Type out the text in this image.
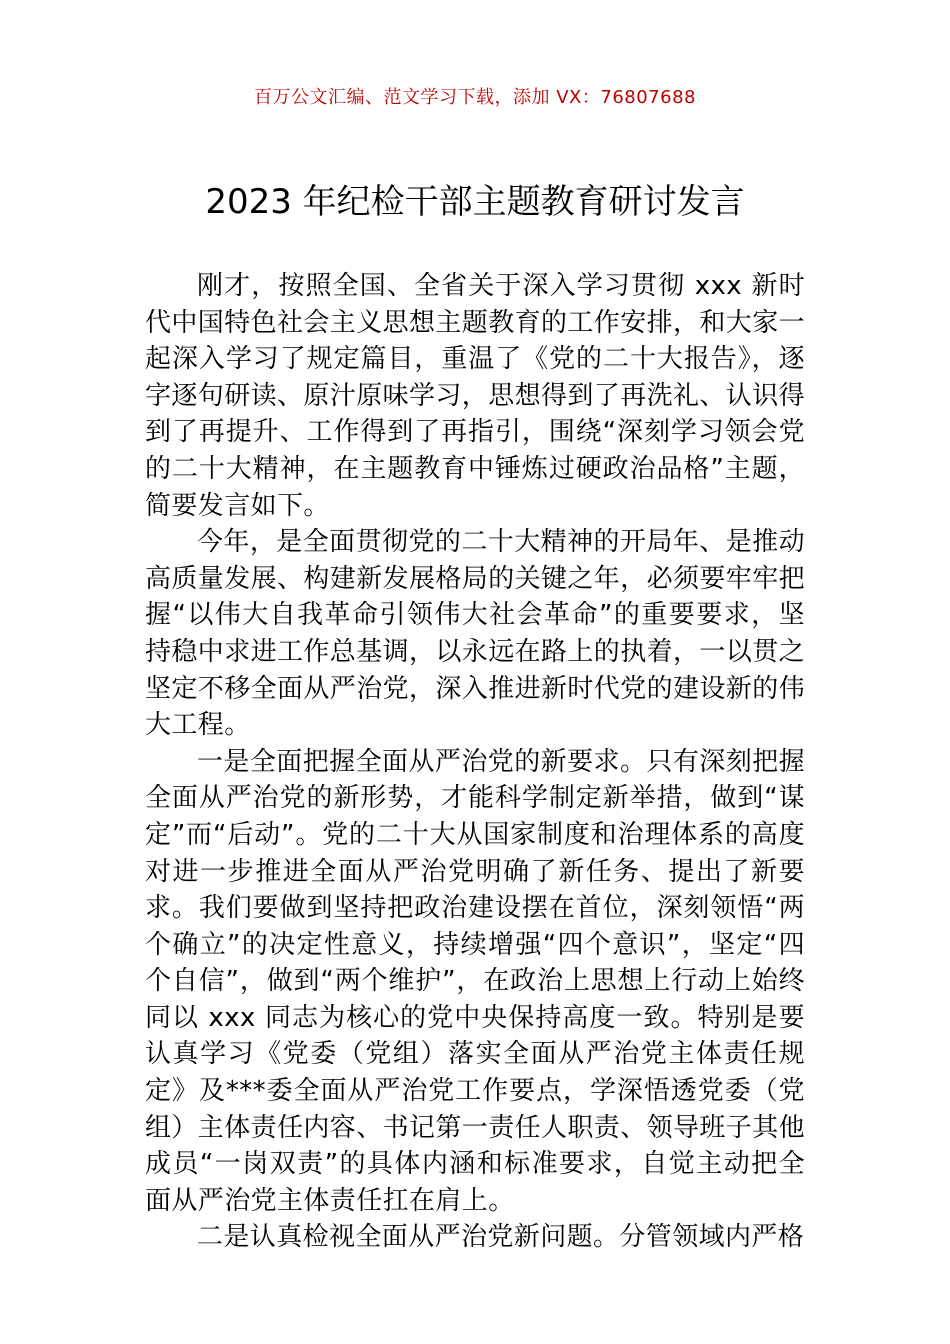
百万公文汇编、范文学习下载，添加 VX：76807688
2023 年纪检干部主题教育研讨发言

刚才，按照全国、全省关于深入学习贯彻 xxx 新时代中国特色社会主义思想主题教育的工作安排，和大家一起深入学习了规定篇目，重温了《党的二十大报告》，逐字逐句研读、原汁原味学习，思想得到了再洗礼、认识得到了再提升、工作得到了再指引，围绕“深刻学习领会党的二十大精神，在主题教育中锤炼过硬政治品格”主题，简要发言如下。

今年，是全面贯彻党的二十大精神的开局年、是推动高质量发展、构建新发展格局的关键之年，必须要牢牢把握“以伟大自我革命引领伟大社会革命”的重要要求，坚持稳中求进工作总基调，以永远在路上的执着，一以贯之坚定不移全面从严治党，深入推进新时代党的建设新的伟大工程。

一是全面把握全面从严治党的新要求。只有深刻把握全面从严治党的新形势，才能科学制定新举措，做到“谋定”而“后动”。党的二十大从国家制度和治理体系的高度对进一步推进全面从严治党明确了新任务、提出了新要求。我们要做到坚持把政治建设摆在首位，深刻领悟“两个确立”的决定性意义，持续增强“四个意识”，坚定“四个自信”，做到“两个维护”，在政治上思想上行动上始终同以 xxx 同志为核心的党中央保持高度一致。特别是要认真学习《党委（党组）落实全面从严治党主体责任规定》及***委全面从严治党工作要点，学深悟透党委（党组）主体责任内容、书记第一责任人职责、领导班子其他成员“一岗双责”的具体内涵和标准要求，自觉主动把全面从严治党主体责任扛在肩上。

二是认真检视全面从严治党新问题。分管领域内严格
